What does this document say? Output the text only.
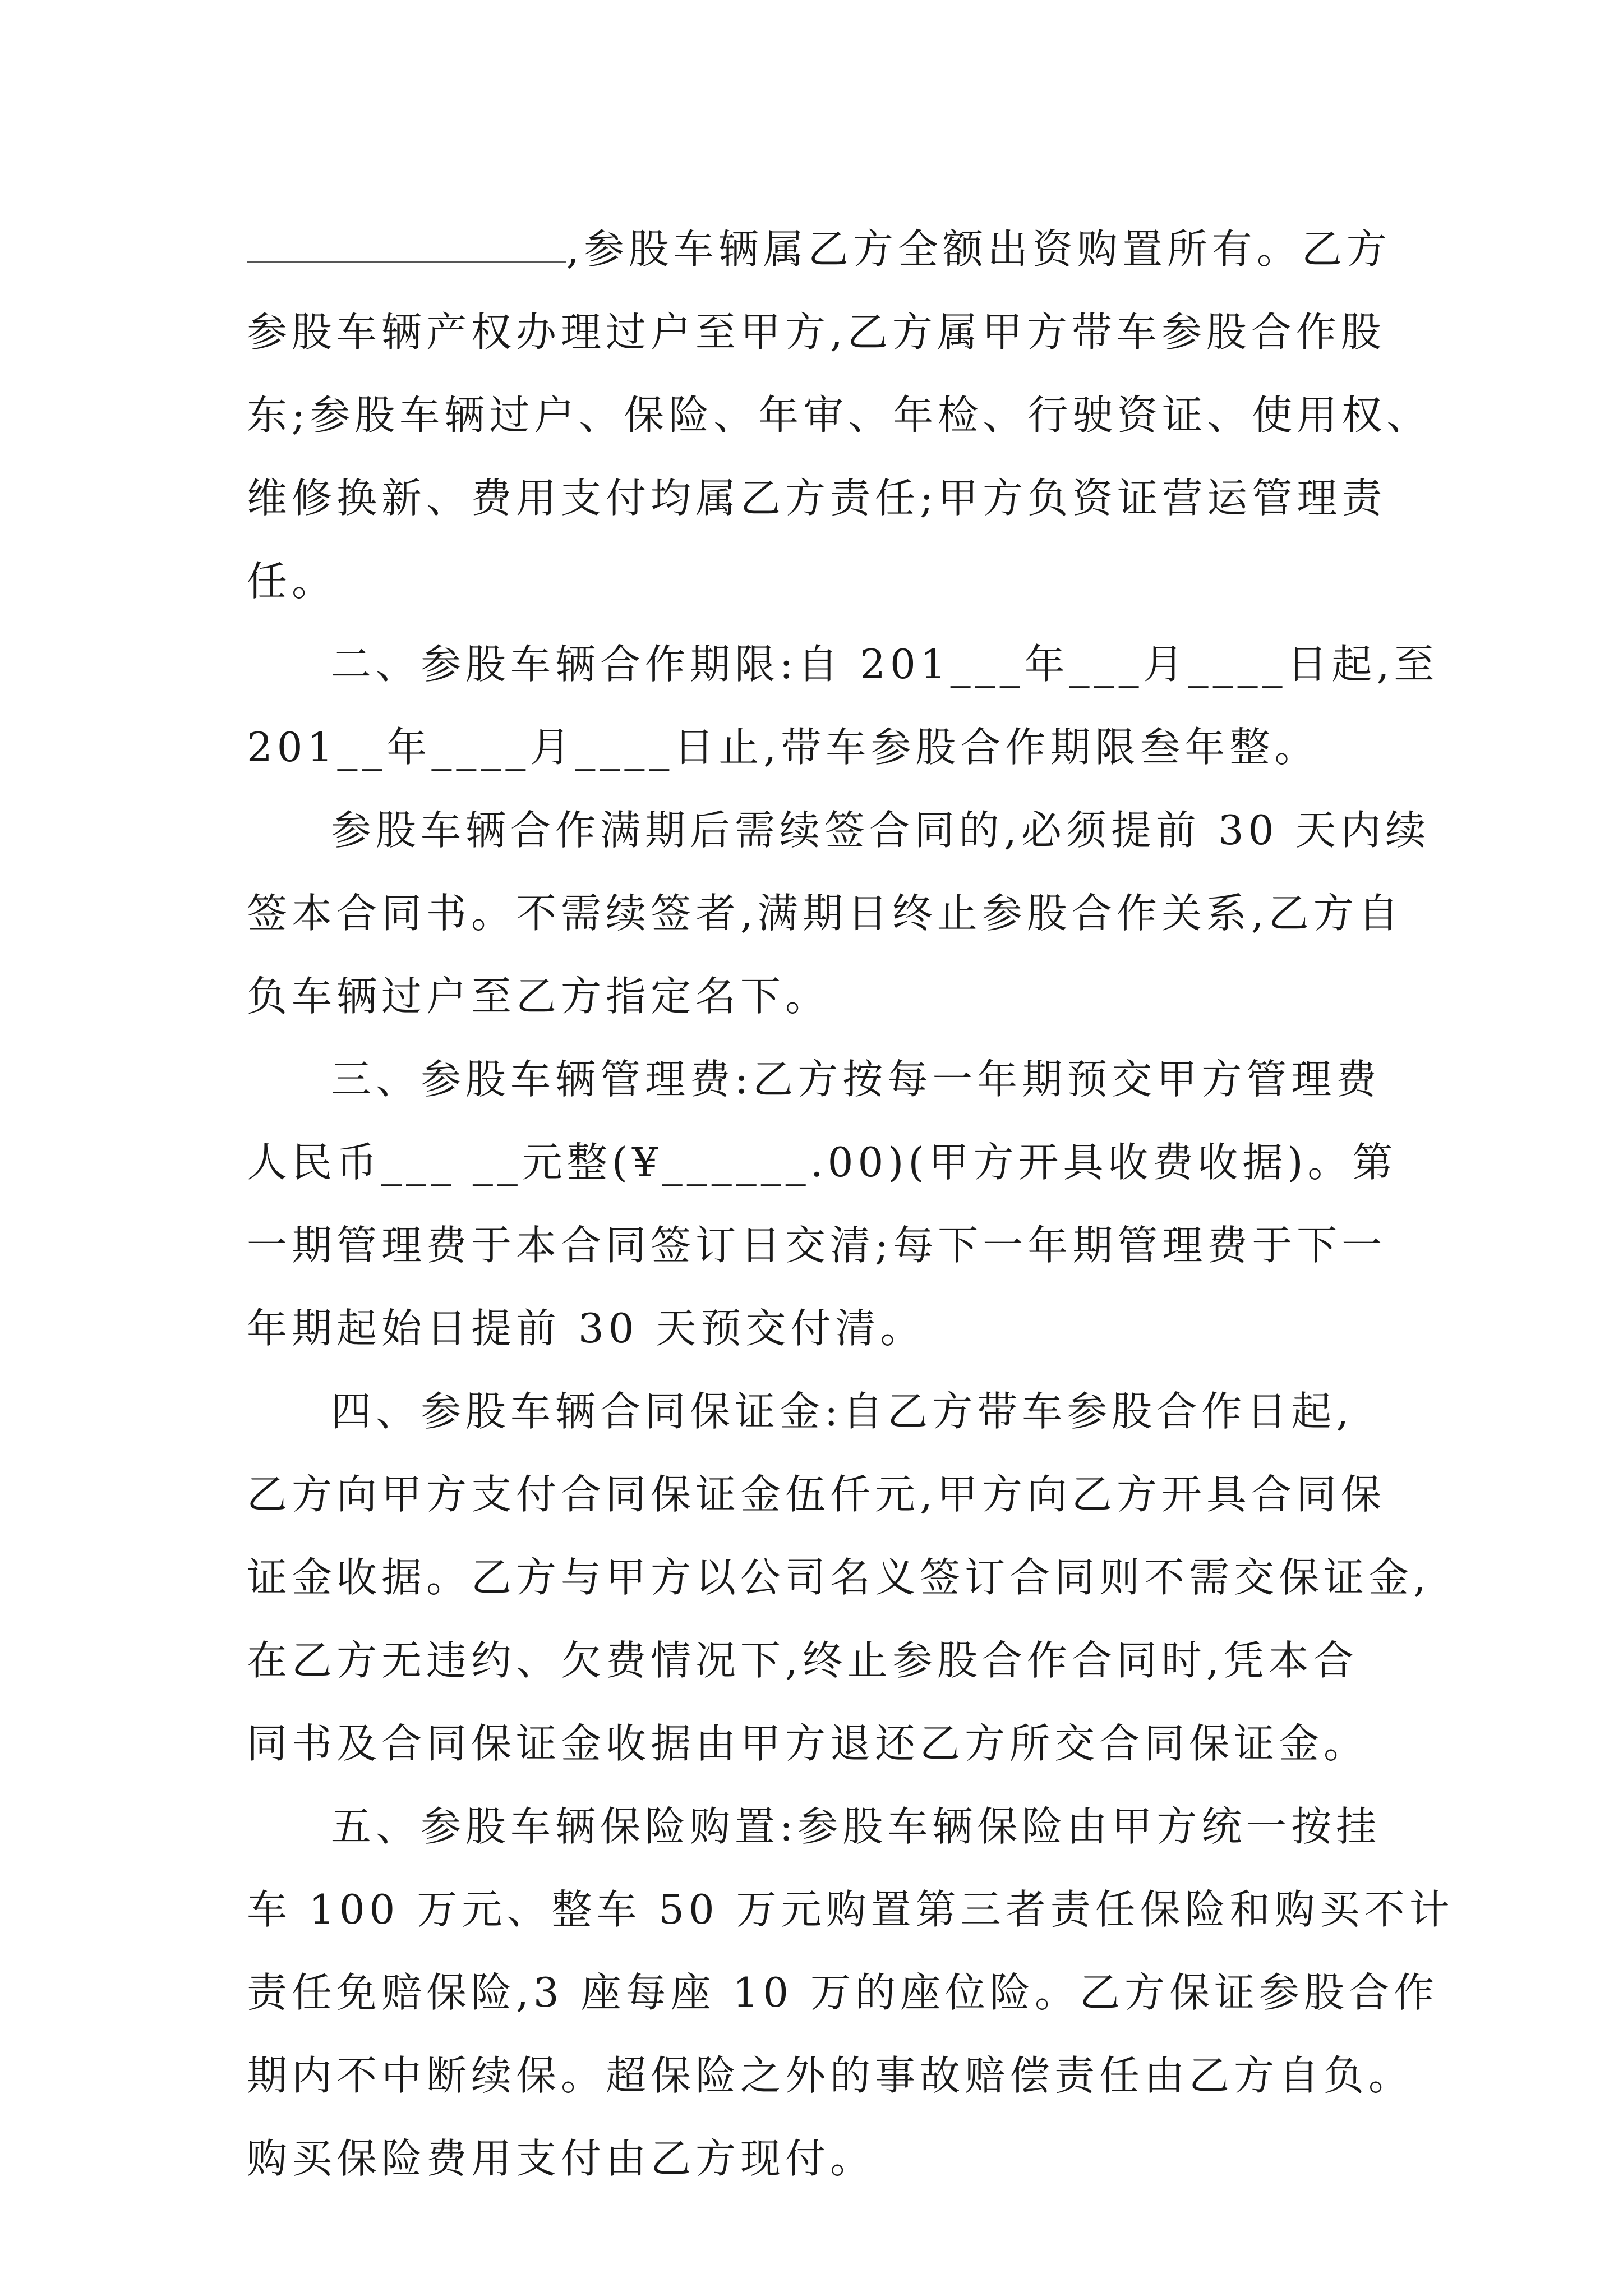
,参股车辆属乙方全额出资购置所有。乙方
参股车辆产权办理过户至甲方,乙方属甲方带车参股合作股
东;参股车辆过户、保险、年审、年检、行驶资证、使用权、
维修换新、费用支付均属乙方责任;甲方负资证营运管理责
任。
二、参股车辆合作期限:自 201___年___月____日起,至
201__年____月____日止,带车参股合作期限叁年整。
参股车辆合作满期后需续签合同的,必须提前 30 天内续
签本合同书。不需续签者,满期日终止参股合作关系,乙方自
负车辆过户至乙方指定名下。
三、参股车辆管理费:乙方按每一年期预交甲方管理费
人民币___ __元整(¥______.00)(甲方开具收费收据)。第
一期管理费于本合同签订日交清;每下一年期管理费于下一
年期起始日提前 30 天预交付清。
四、参股车辆合同保证金:自乙方带车参股合作日起,
乙方向甲方支付合同保证金伍仟元,甲方向乙方开具合同保
证金收据。乙方与甲方以公司名义签订合同则不需交保证金,
在乙方无违约、欠费情况下,终止参股合作合同时,凭本合
同书及合同保证金收据由甲方退还乙方所交合同保证金。
五、参股车辆保险购置:参股车辆保险由甲方统一按挂
车 100 万元、整车 50 万元购置第三者责任保险和购买不计
责任免赔保险,3 座每座 10 万的座位险。乙方保证参股合作
期内不中断续保。超保险之外的事故赔偿责任由乙方自负。
购买保险费用支付由乙方现付。
